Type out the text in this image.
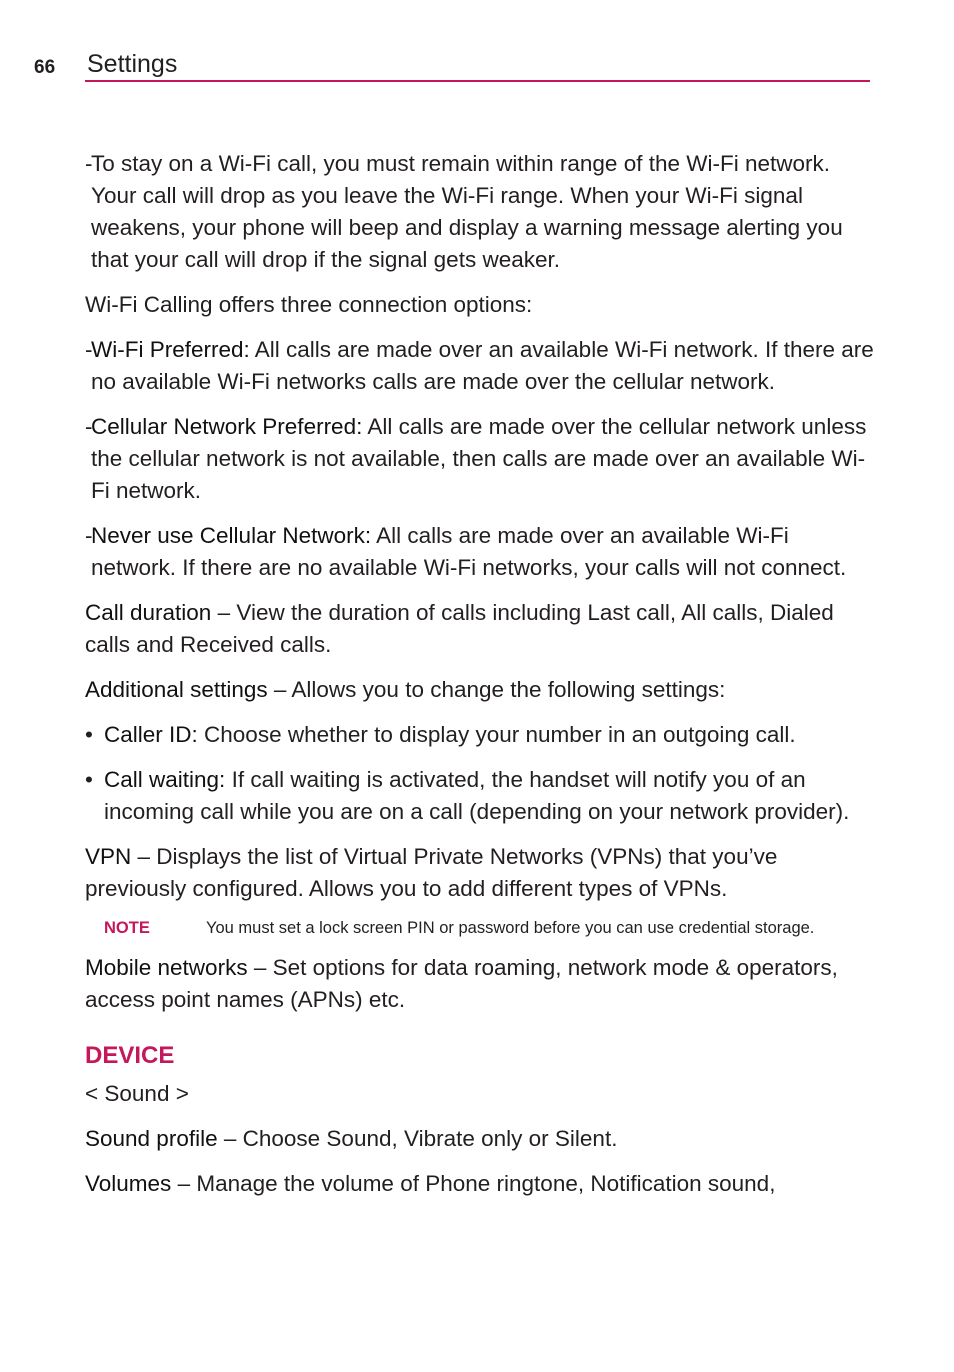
66 Settings
-
To stay on a Wi-Fi call, you must remain within range of the Wi-Fi network. Your call will drop as you leave the Wi-Fi range. When your Wi-Fi signal weakens, your phone will beep and display a warning message alerting you that your call will drop if the signal gets weaker.
Wi-Fi Calling offers three connection options:
-
Wi-Fi Preferred: All calls are made over an available Wi-Fi network. If there are no available Wi-Fi networks calls are made over the cellular network.
-
Cellular Network Preferred: All calls are made over the cellular network unless the cellular network is not available, then calls are made over an available Wi-Fi network.
-
Never use Cellular Network: All calls are made over an available Wi-Fi network. If there are no available Wi-Fi networks, your calls will not connect.
Call duration – View the duration of calls including Last call, All calls, Dialed calls and Received calls.
Additional settings – Allows you to change the following settings:
• Caller ID: Choose whether to display your number in an outgoing call.
• Call waiting: If call waiting is activated, the handset will notify you of an incoming call while you are on a call (depending on your network provider).
VPN – Displays the list of Virtual Private Networks (VPNs) that you’ve previously configured. Allows you to add different types of VPNs.
NOTE	You must set a lock screen PIN or password before you can use credential storage.
Mobile networks – Set options for data roaming, network mode & operators, access point names (APNs) etc.
DEVICE
< Sound >
Sound profile – Choose Sound, Vibrate only or Silent.
Volumes – Manage the volume of Phone ringtone, Notification sound,
